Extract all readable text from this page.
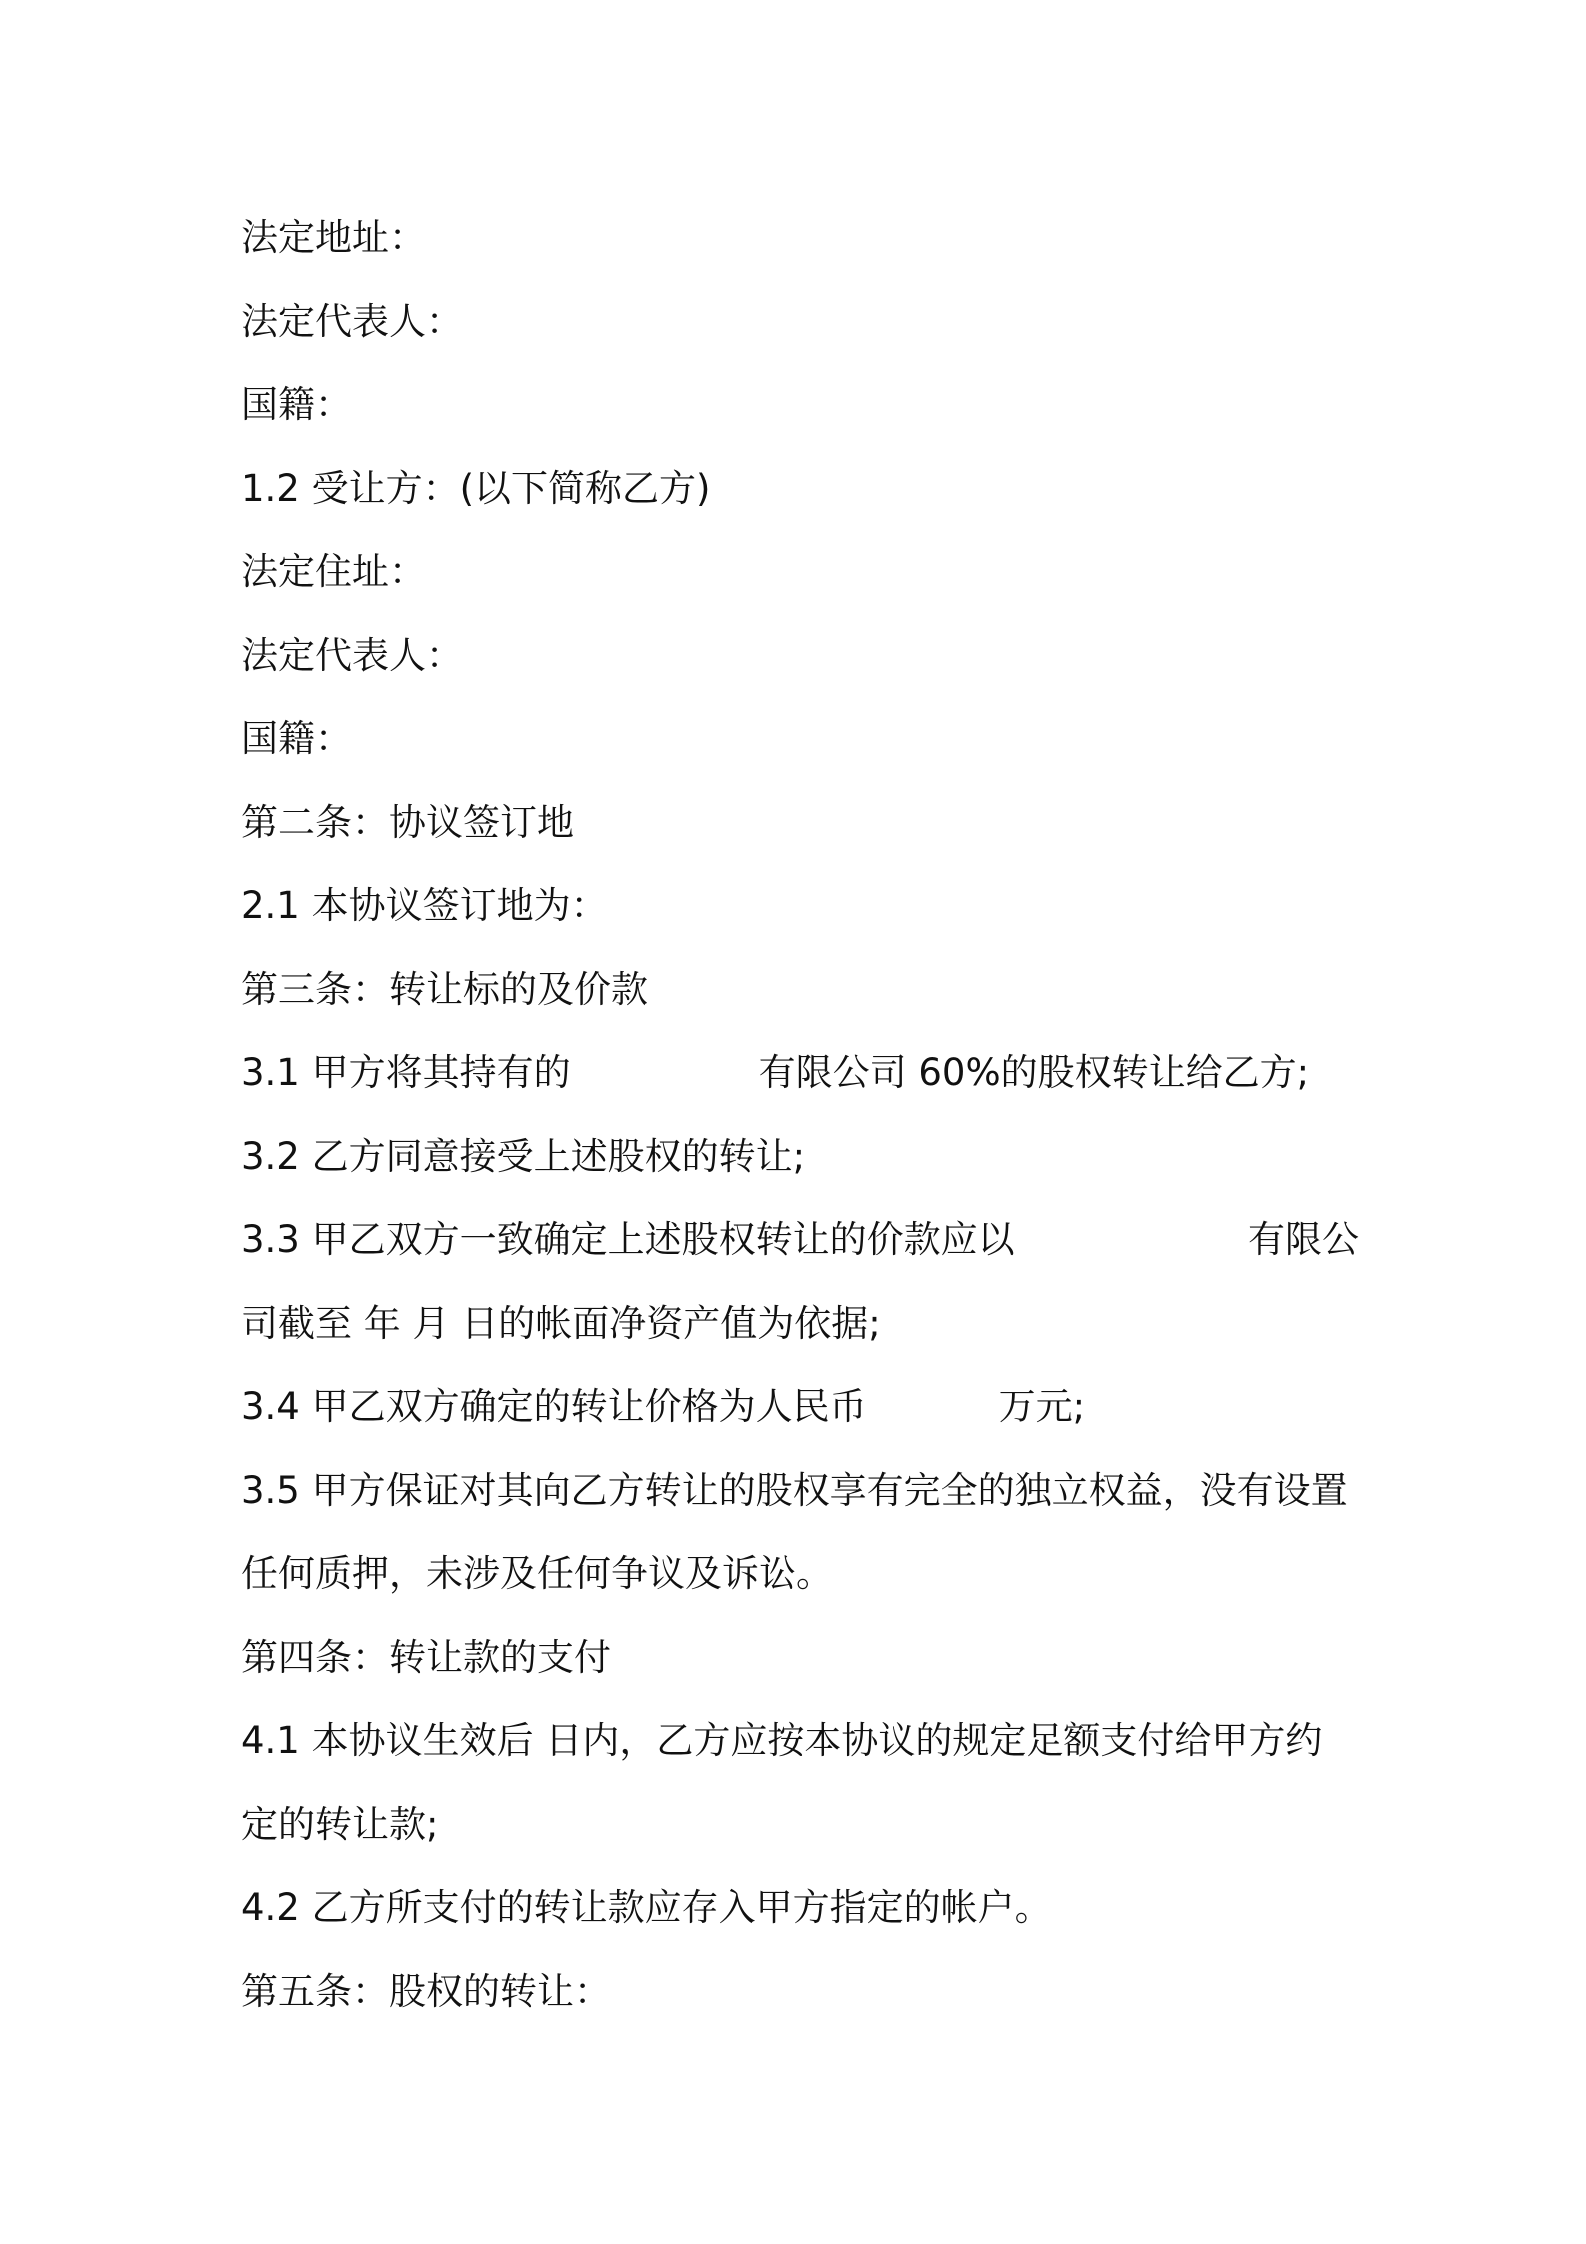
法定地址：
法定代表人：
国籍：
1.2 受让方：(以下简称乙方)
法定住址：
法定代表人：
国籍：
第二条：协议签订地
2.1 本协议签订地为：
第三条：转让标的及价款
3.1 甲方将其持有的	有限公司 60%的股权转让给乙方;
3.2 乙方同意接受上述股权的转让;
3.3 甲乙双方一致确定上述股权转让的价款应以	有限公
司截至 年 月 日的帐面净资产值为依据;
3.4 甲乙双方确定的转让价格为人民币	万元;
3.5 甲方保证对其向乙方转让的股权享有完全的独立权益，没有设置
任何质押，未涉及任何争议及诉讼。
第四条：转让款的支付
4.1 本协议生效后 日内，乙方应按本协议的规定足额支付给甲方约
定的转让款;
4.2 乙方所支付的转让款应存入甲方指定的帐户。
第五条：股权的转让：
